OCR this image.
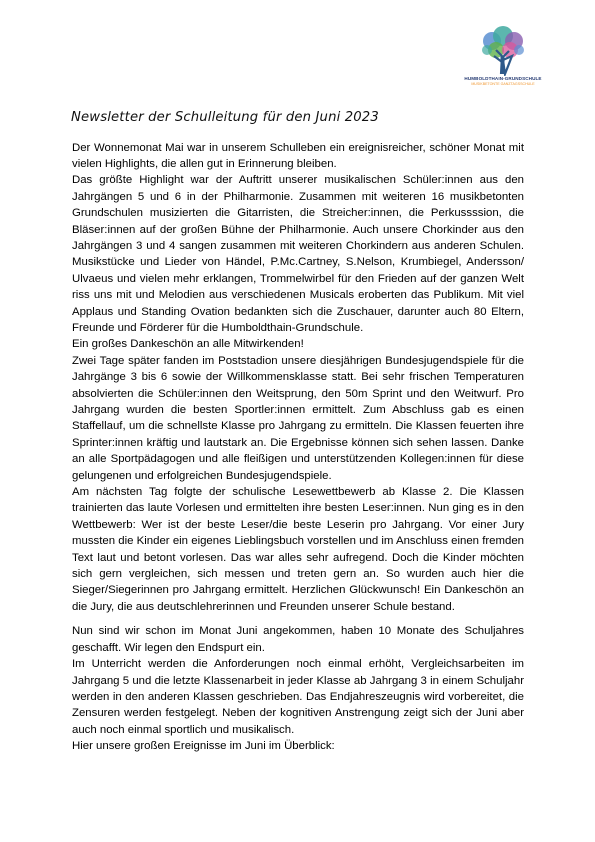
HUMBOLDTHAIN-GRUNDSCHULE
MUSIKBETONTE GANZTAGSSCHULE
Newsletter der Schulleitung für den Juni 2023

Der Wonnemonat Mai war in unserem Schulleben ein ereignisreicher, schöner Monat mit vielen Highlights, die allen gut in Erinnerung bleiben.

Das größte Highlight war der Auftritt unserer musikalischen Schüler:innen aus den Jahrgängen 5 und 6 in der Philharmonie. Zusammen mit weiteren 16 musikbetonten Grundschulen musizierten die Gitarristen, die Streicher:innen, die Perkussssion, die Bläser:innen auf der großen Bühne der Philharmonie. Auch unsere Chorkinder aus den Jahrgängen 3 und 4 sangen zusammen mit weiteren Chorkindern aus anderen Schulen. Musikstücke und Lieder von Händel, P.Mc.Cartney, S.Nelson, Krumbiegel, Andersson/ Ulvaeus und vielen mehr erklangen, Trommelwirbel für den Frieden auf der ganzen Welt riss uns mit und Melodien aus verschiedenen Musicals eroberten das Publikum. Mit viel Applaus und Standing Ovation bedankten sich die Zuschauer, darunter auch 80 Eltern, Freunde und Förderer für die Humboldthain-Grundschule.

Ein großes Dankeschön an alle Mitwirkenden!

Zwei Tage später fanden im Poststadion unsere diesjährigen Bundesjugendspiele für die Jahrgänge 3 bis 6 sowie der Willkommensklasse statt. Bei sehr frischen Temperaturen absolvierten die Schüler:innen den Weitsprung, den 50m Sprint und den Weitwurf. Pro Jahrgang wurden die besten Sportler:innen ermittelt. Zum Abschluss gab es einen Staffellauf, um die schnellste Klasse pro Jahrgang zu ermitteln. Die Klassen feuerten ihre Sprinter:innen kräftig und lautstark an. Die Ergebnisse können sich sehen lassen. Danke an alle Sportpädagogen und alle fleißigen und unterstützenden Kollegen:innen für diese gelungenen und erfolgreichen Bundesjugendspiele.

Am nächsten Tag folgte der schulische Lesewettbewerb ab Klasse 2. Die Klassen trainierten das laute Vorlesen und ermittelten ihre besten Leser:innen. Nun ging es in den Wettbewerb: Wer ist der beste Leser/die beste Leserin pro Jahrgang. Vor einer Jury mussten die Kinder ein eigenes Lieblingsbuch vorstellen und im Anschluss einen fremden Text laut und betont vorlesen. Das war alles sehr aufregend. Doch die Kinder möchten sich gern vergleichen, sich messen und treten gern an. So wurden auch hier die Sieger/Siegerinnen pro Jahrgang ermittelt. Herzlichen Glückwunsch! Ein Dankeschön an die Jury, die aus deutschlehrerinnen und Freunden unserer Schule bestand.

Nun sind wir schon im Monat Juni angekommen, haben 10 Monate des Schuljahres geschafft. Wir legen den Endspurt ein.

Im Unterricht werden die Anforderungen noch einmal erhöht, Vergleichsarbeiten im Jahrgang 5 und die letzte Klassenarbeit in jeder Klasse ab Jahrgang 3 in einem Schuljahr werden in den anderen Klassen geschrieben. Das Endjahreszeugnis wird vorbereitet, die Zensuren werden festgelegt. Neben der kognitiven Anstrengung zeigt sich der Juni aber auch noch einmal sportlich und musikalisch.

Hier unsere großen Ereignisse im Juni im Überblick:
